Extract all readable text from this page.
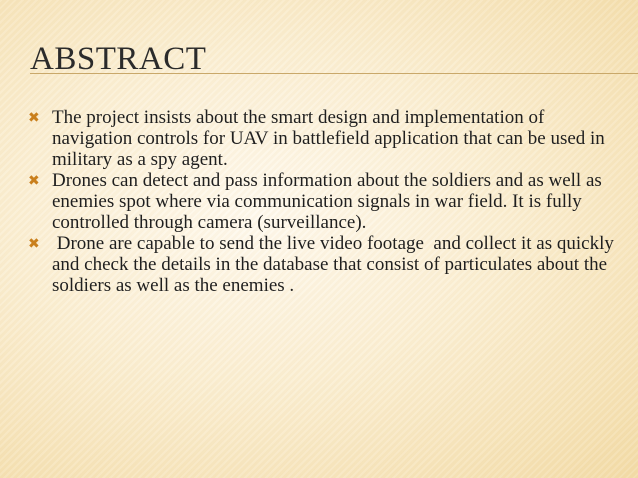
ABSTRACT
✖ The project insists about the smart design and implementation of navigation controls for UAV in battlefield application that can be used in military as a spy agent.
✖ Drones can detect and pass information about the soldiers and as well as enemies spot where via communication signals in war field. It is fully controlled through camera (surveillance).
✖ Drone are capable to send the live video footage  and collect it as quickly and check the details in the database that consist of particulates about the soldiers as well as the enemies .
